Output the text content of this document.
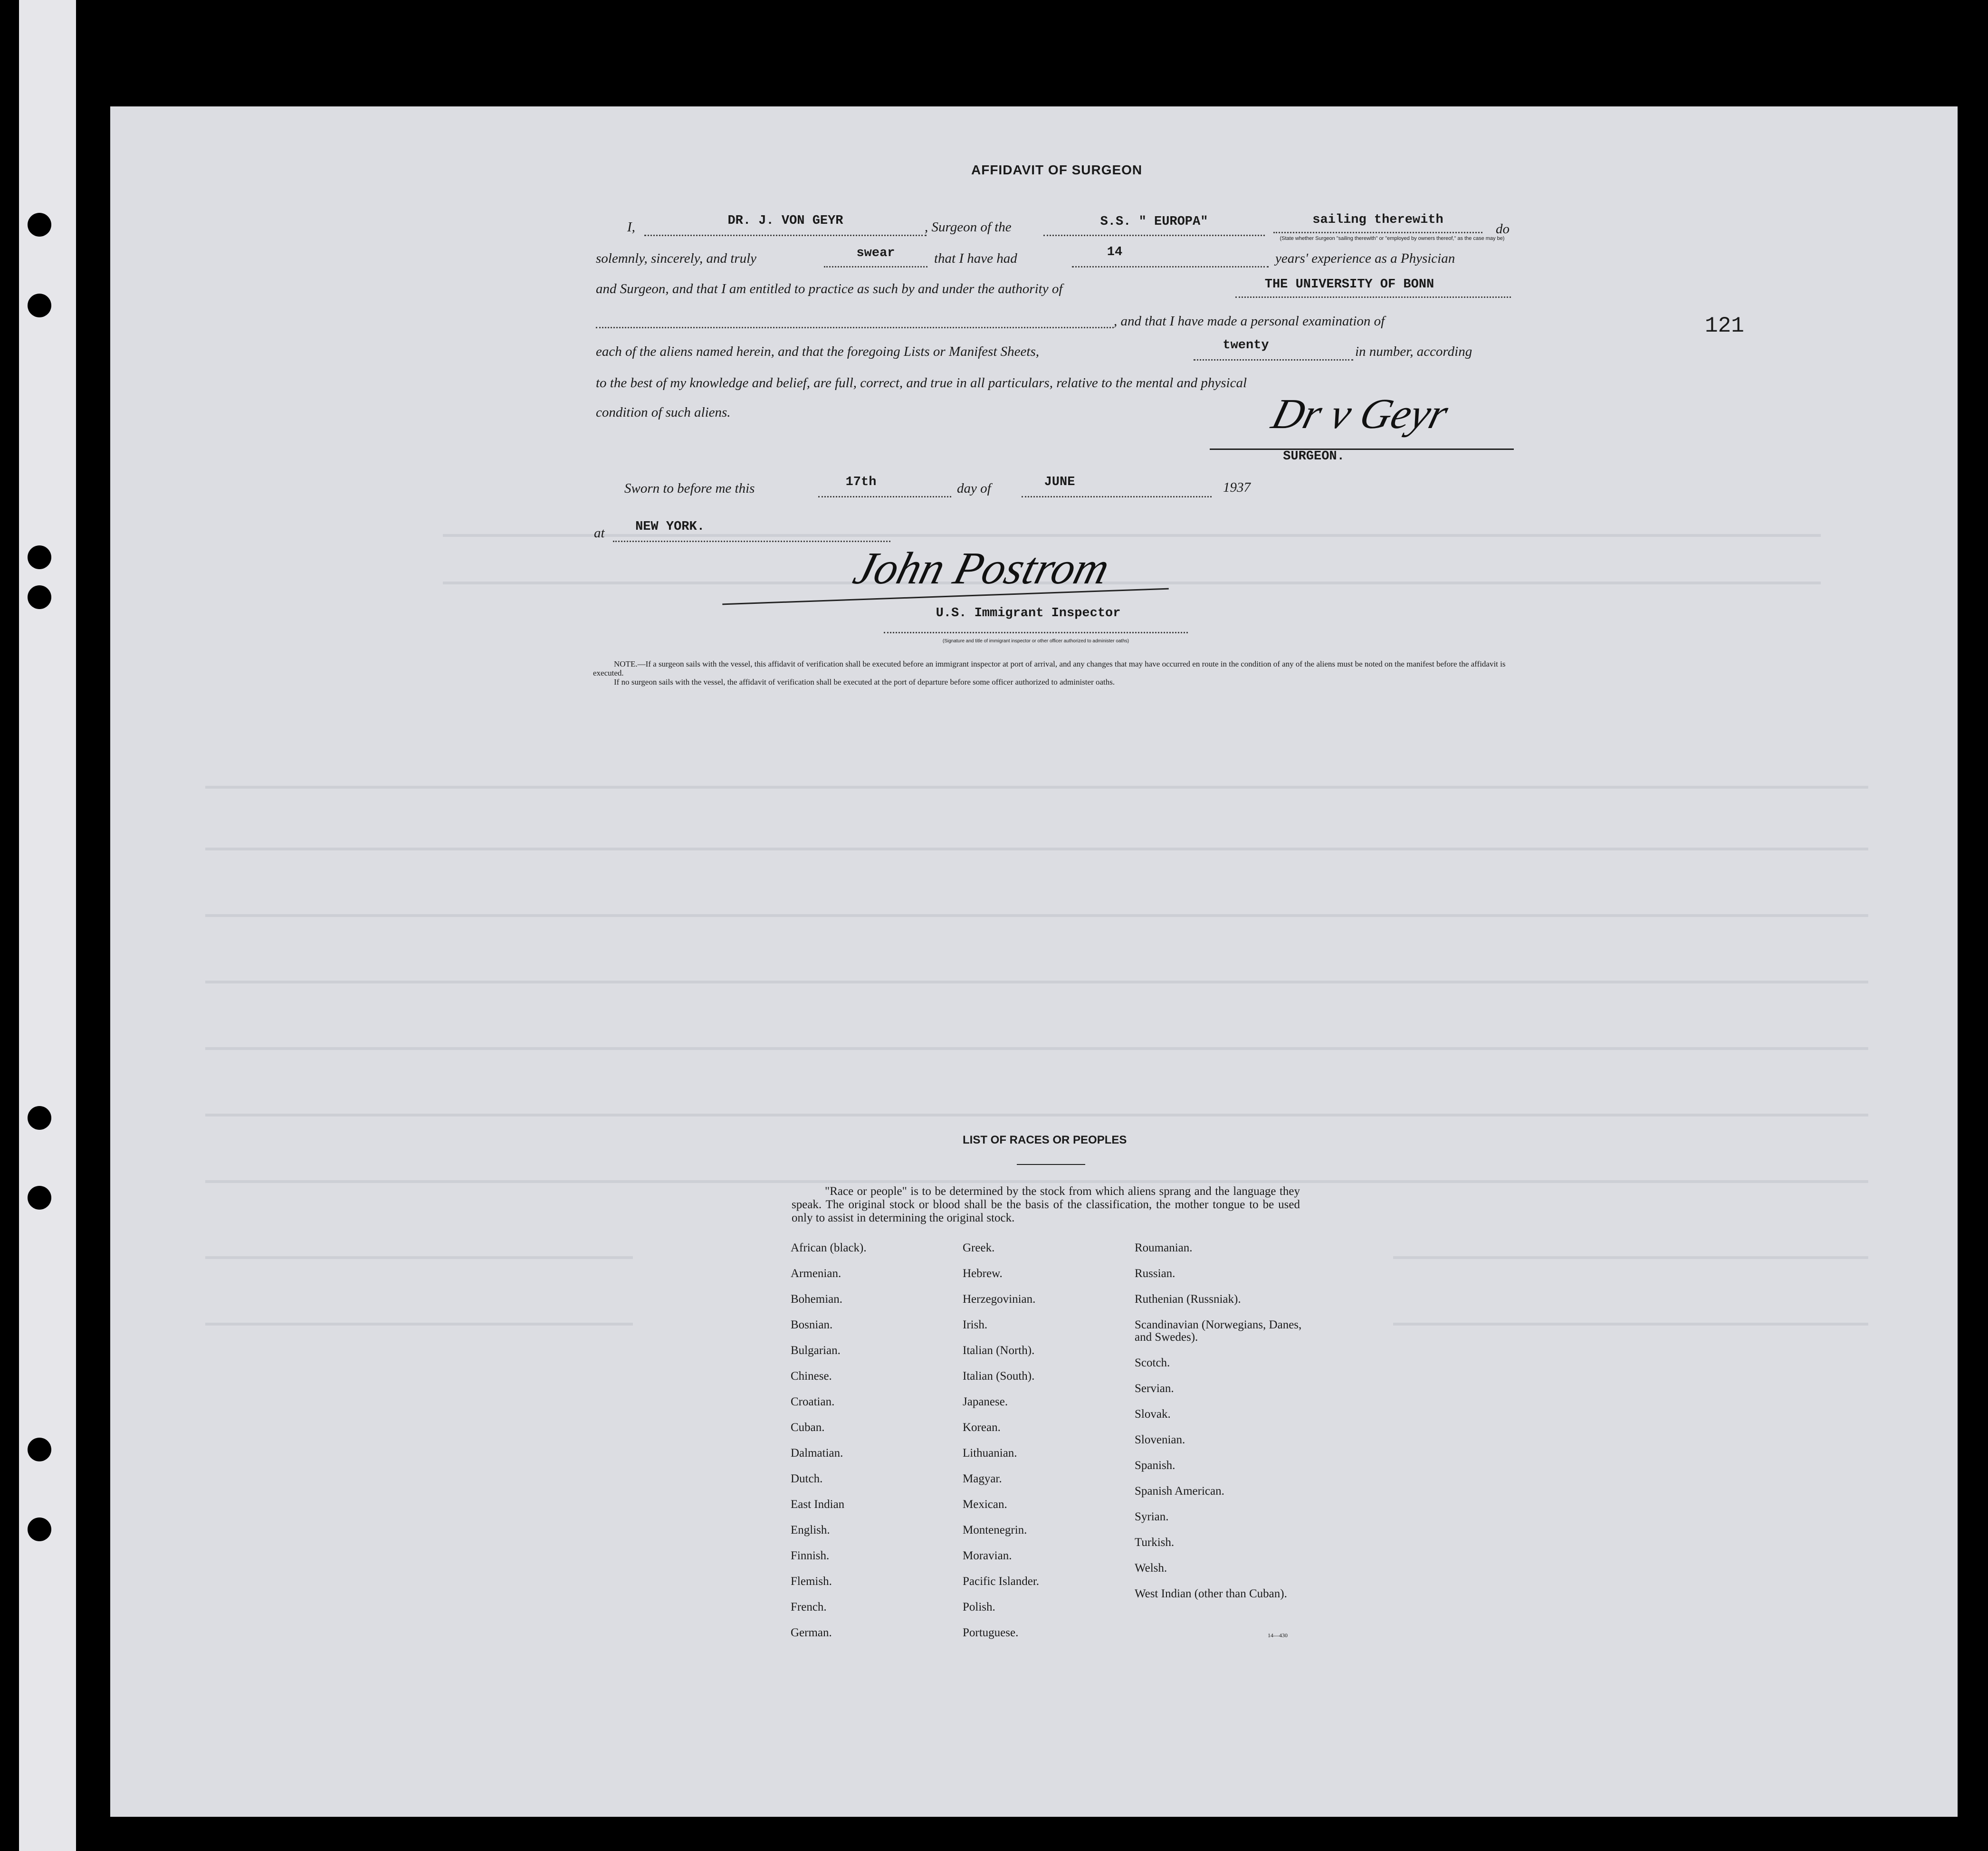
AFFIDAVIT OF SURGEON
I,	DR. J. VON GEYR	, Surgeon of the	S.S. " EUROPA"	sailing therewith
(State whether Surgeon "sailing therewith" or "employed by owners thereof," as the case may be)
do
solemnly, sincerely, and truly	swear	that I have had	14	years' experience as a Physician
and Surgeon, and that I am entitled to practice as such by and under the authority of	THE UNIVERSITY OF BONN
, and that I have made a personal examination of
each of the aliens named herein, and that the foregoing Lists or Manifest Sheets,	twenty	in number, according
to the best of my knowledge and belief, are full, correct, and true in all particulars, relative to the mental and physical
condition of such aliens.	Dr v Geyr
SURGEON.
Sworn to before me this	17th	day of	JUNE	1937
at	NEW YORK.
John Postrom
U.S. Immigrant Inspector
(Signature and title of immigrant inspector or other officer authorized to administer oaths)
NOTE.—If a surgeon sails with the vessel, this affidavit of verification shall be executed before an immigrant inspector at port of arrival, and any changes that may have occurred en route in the condition of any of the aliens must be noted on the manifest before the affidavit is executed.
If no surgeon sails with the vessel, the affidavit of verification shall be executed at the port of departure before some officer authorized to administer oaths.
121
LIST OF RACES OR PEOPLES
"Race or people" is to be determined by the stock from which aliens sprang and the language they speak. The original stock or blood shall be the basis of the classification, the mother tongue to be used only to assist in determining the original stock.
African (black).
Armenian.
Bohemian.
Bosnian.
Bulgarian.
Chinese.
Croatian.
Cuban.
Dalmatian.
Dutch.
East Indian
English.
Finnish.
Flemish.
French.
German.
Greek.
Hebrew.
Herzegovinian.
Irish.
Italian (North).
Italian (South).
Japanese.
Korean.
Lithuanian.
Magyar.
Mexican.
Montenegrin.
Moravian.
Pacific Islander.
Polish.
Portuguese.
Roumanian.
Russian.
Ruthenian (Russniak).
Scandinavian (Norwegians, Danes, and Swedes).
Scotch.
Servian.
Slovak.
Slovenian.
Spanish.
Spanish American.
Syrian.
Turkish.
Welsh.
West Indian (other than Cuban).
14—430
